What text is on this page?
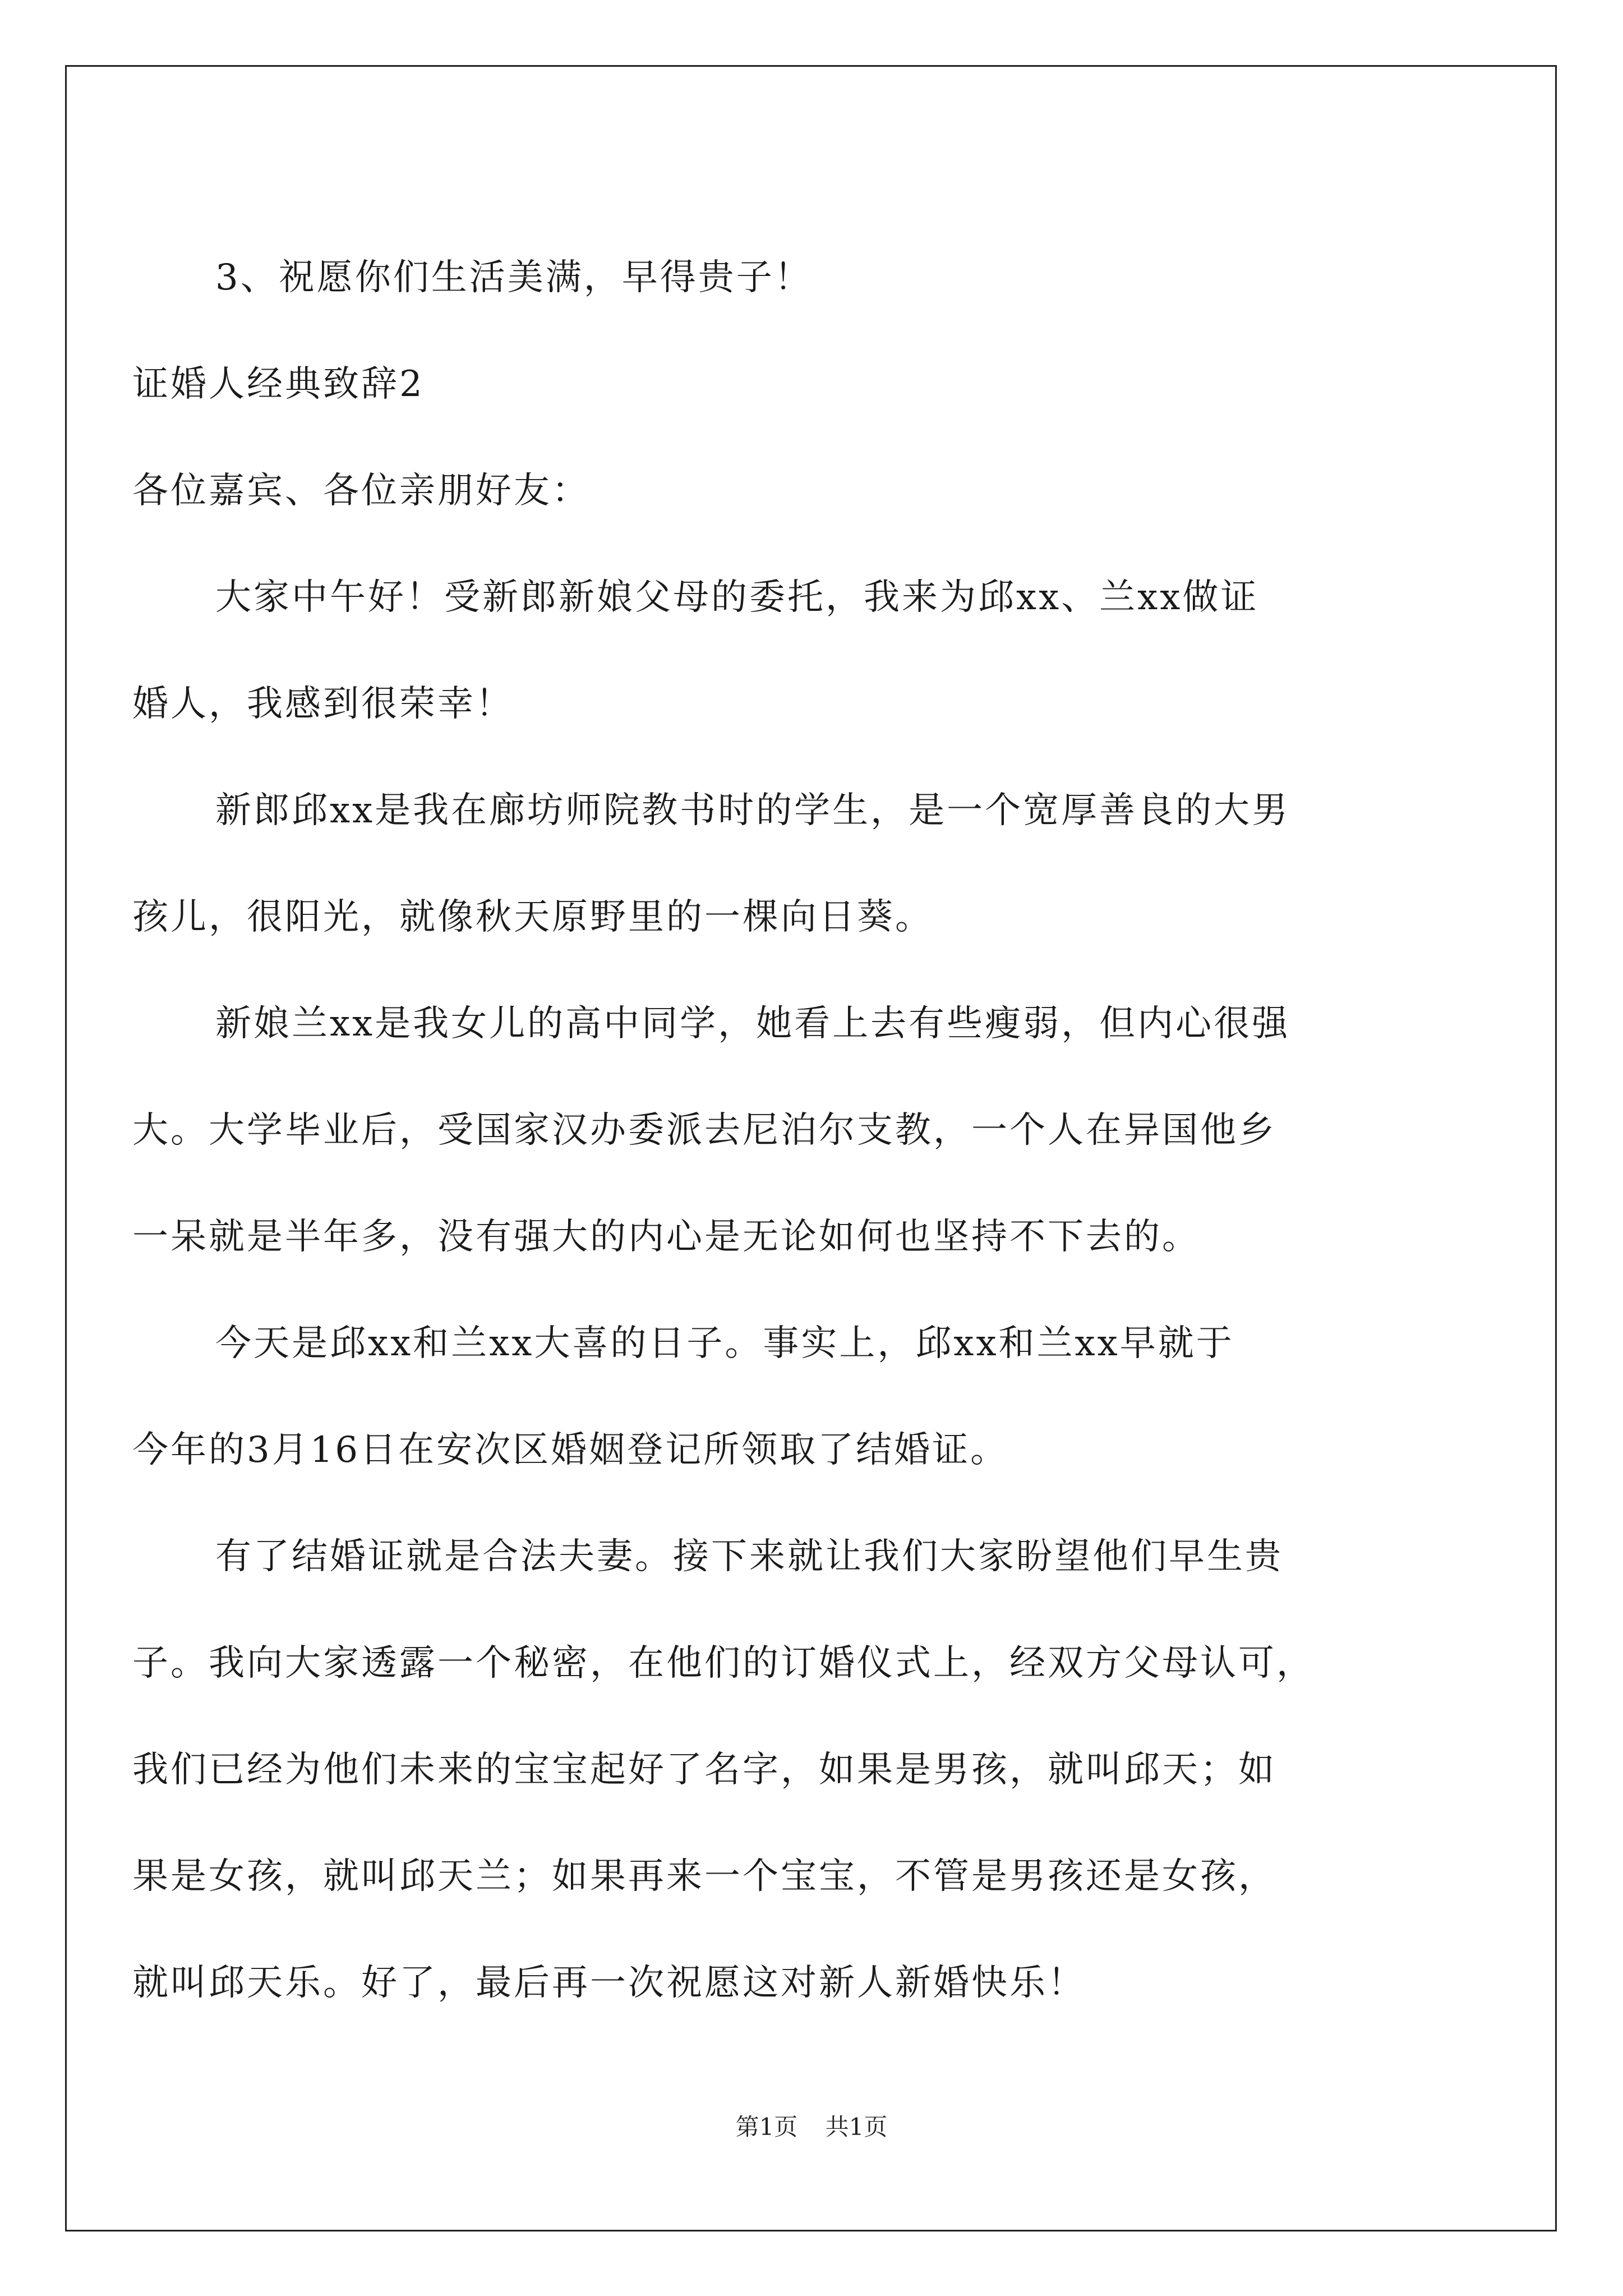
3、祝愿你们生活美满，早得贵子！
证婚人经典致辞2
各位嘉宾、各位亲朋好友：
大家中午好！受新郎新娘父母的委托，我来为邱xx、兰xx做证
婚人，我感到很荣幸！
新郎邱xx是我在廊坊师院教书时的学生，是一个宽厚善良的大男
孩儿，很阳光，就像秋天原野里的一棵向日葵。
新娘兰xx是我女儿的高中同学，她看上去有些瘦弱，但内心很强
大。大学毕业后，受国家汉办委派去尼泊尔支教，一个人在异国他乡
一呆就是半年多，没有强大的内心是无论如何也坚持不下去的。
今天是邱xx和兰xx大喜的日子。事实上，邱xx和兰xx早就于
今年的3月16日在安次区婚姻登记所领取了结婚证。
有了结婚证就是合法夫妻。接下来就让我们大家盼望他们早生贵
子。我向大家透露一个秘密，在他们的订婚仪式上，经双方父母认可，
我们已经为他们未来的宝宝起好了名字，如果是男孩，就叫邱天；如
果是女孩，就叫邱天兰；如果再来一个宝宝，不管是男孩还是女孩，
就叫邱天乐。好了，最后再一次祝愿这对新人新婚快乐！
第1页 共1页
